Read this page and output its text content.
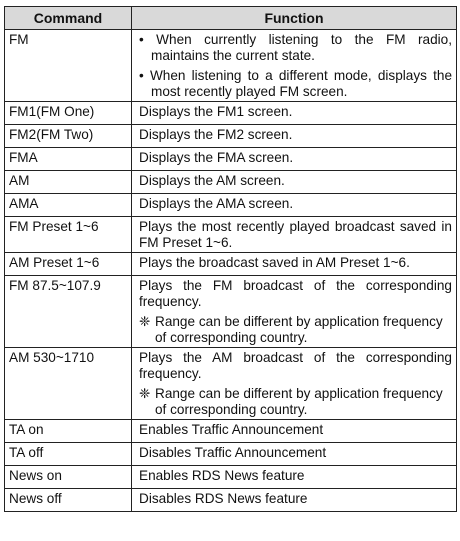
Command	Function
FM	• When currently listening to the FM radio, maintains the current state.
• When listening to a different mode, displays the most recently played FM screen.

FM1(FM One)	Displays the FM1 screen.
FM2(FM Two)	Displays the FM2 screen.
FMA	Displays the FMA screen.
AM	Displays the AM screen.
AMA	Displays the AMA screen.
FM Preset 1~6	Plays the most recently played broadcast saved in FM Preset 1~6.
AM Preset 1~6	Plays the broadcast saved in AM Preset 1~6.
FM 87.5~107.9	Plays the FM broadcast of the corresponding frequency.
❈ Range can be different by application frequency of corresponding country.

AM 530~1710	Plays the AM broadcast of the corresponding frequency.
❈ Range can be different by application frequency of corresponding country.

TA on	Enables Traffic Announcement
TA off	Disables Traffic Announcement
News on	Enables RDS News feature
News off	Disables RDS News feature
